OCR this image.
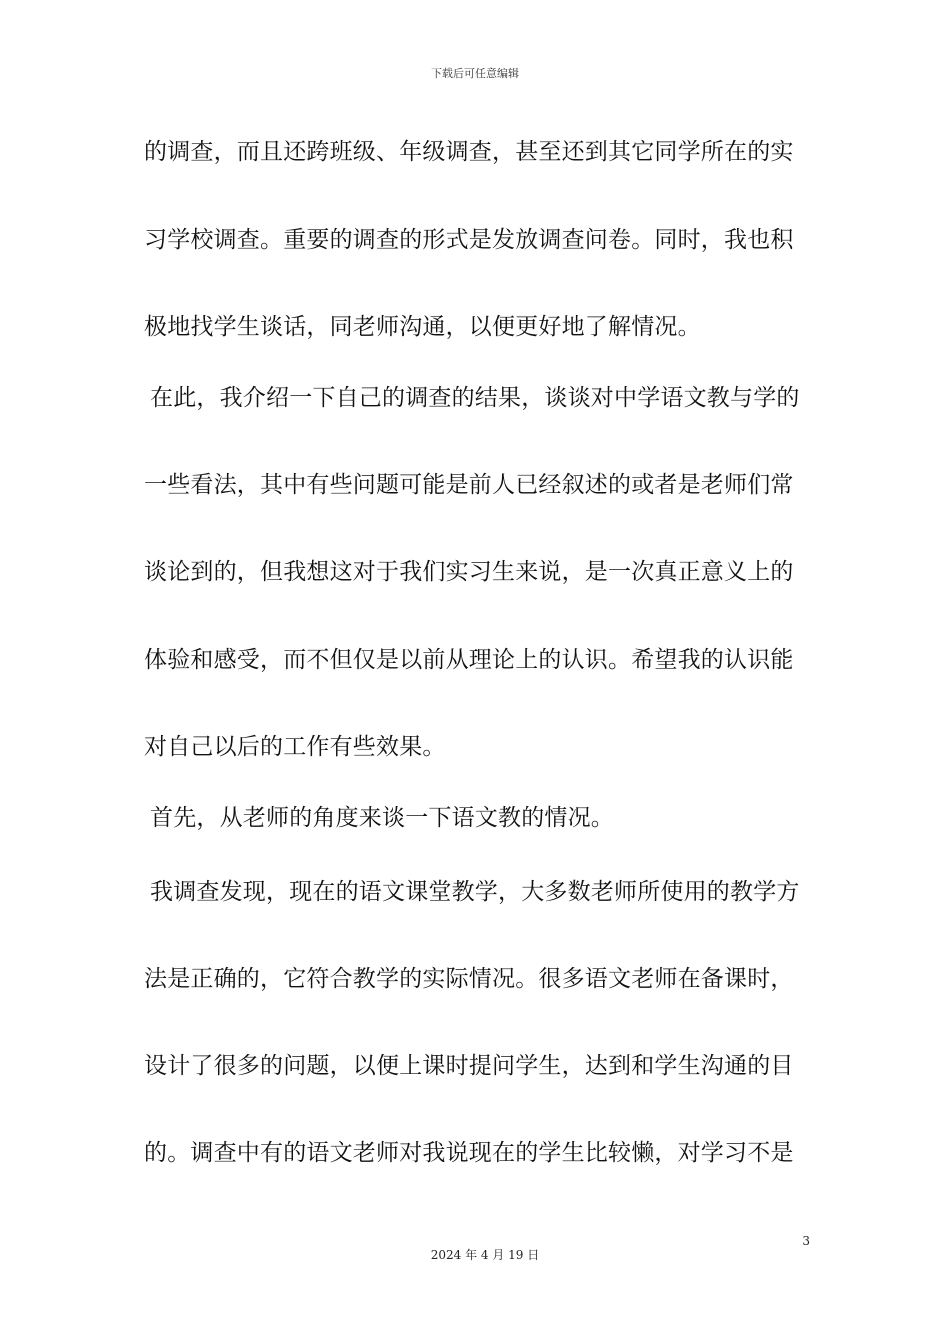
下载后可任意编辑
的调查，而且还跨班级、年级调查，甚至还到其它同学所在的实
习学校调查。重要的调查的形式是发放调查问卷。同时，我也积
极地找学生谈话，同老师沟通，以便更好地了解情况。
在此，我介绍一下自己的调查的结果，谈谈对中学语文教与学的
一些看法，其中有些问题可能是前人已经叙述的或者是老师们常
谈论到的，但我想这对于我们实习生来说，是一次真正意义上的
体验和感受，而不但仅是以前从理论上的认识。希望我的认识能
对自己以后的工作有些效果。
首先，从老师的角度来谈一下语文教的情况。
我调查发现，现在的语文课堂教学，大多数老师所使用的教学方
法是正确的，它符合教学的实际情况。很多语文老师在备课时，
设计了很多的问题，以便上课时提问学生，达到和学生沟通的目
的。调查中有的语文老师对我说现在的学生比较懒，对学习不是
3
2024 年 4 月 19 日
